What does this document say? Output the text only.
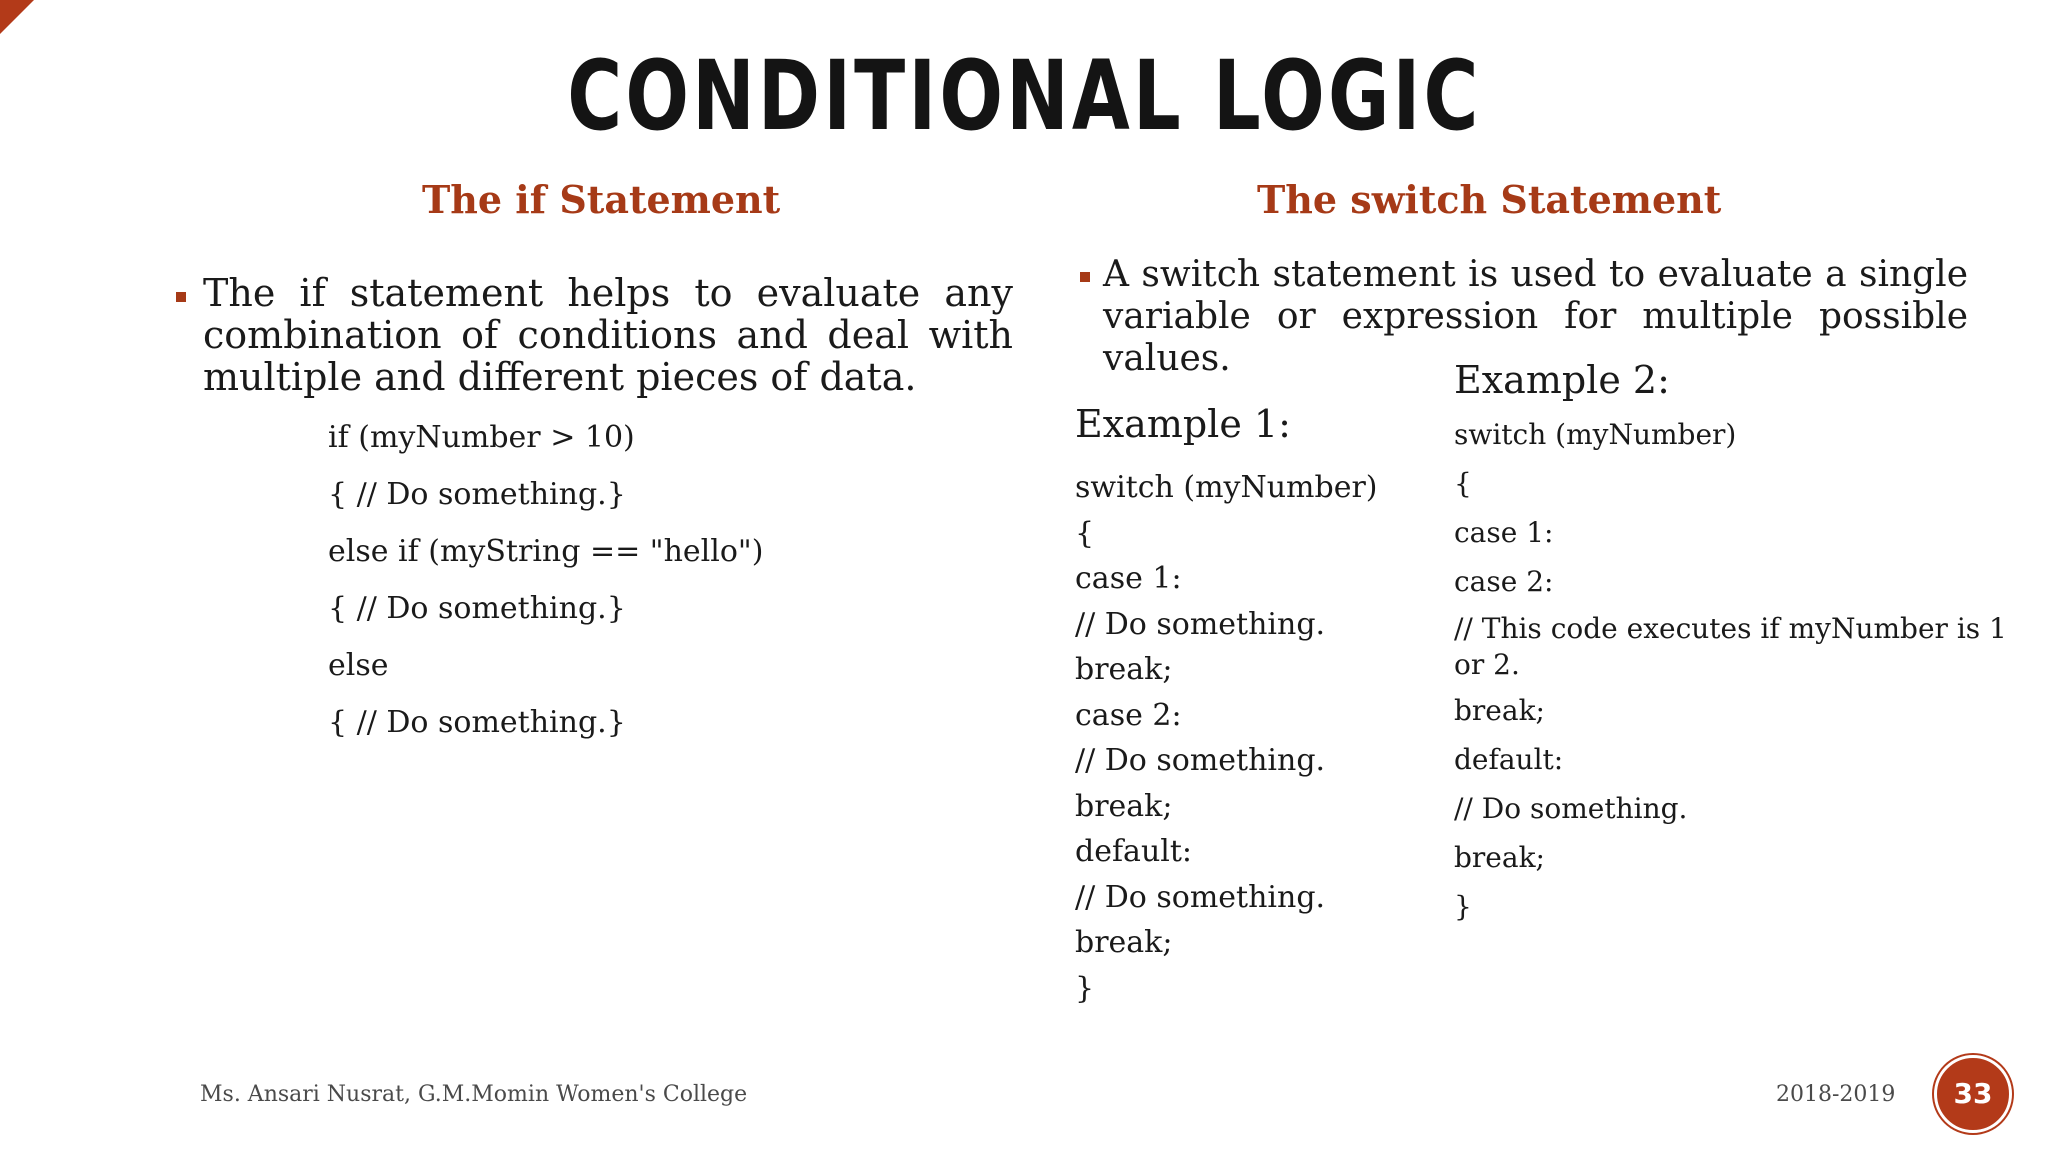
CONDITIONAL LOGIC
The if Statement	The switch Statement
The if statement helps to evaluate any combination of conditions and deal with multiple and different pieces of data.
if (myNumber > 10)
{ // Do something.}
else if (myString == "hello")
{ // Do something.}
else
{ // Do something.}
A switch statement is used to evaluate a single variable or expression for multiple possible values.
Example 1:
switch (myNumber)
{
case 1:
// Do something.
break;
case 2:
// Do something.
break;
default:
// Do something.
break;
}
Example 2:
switch (myNumber)
{
case 1:
case 2:
// This code executes if myNumber is 1 or 2.
break;
default:
// Do something.
break;
}
Ms. Ansari Nusrat, G.M.Momin Women's College	2018-2019	33
